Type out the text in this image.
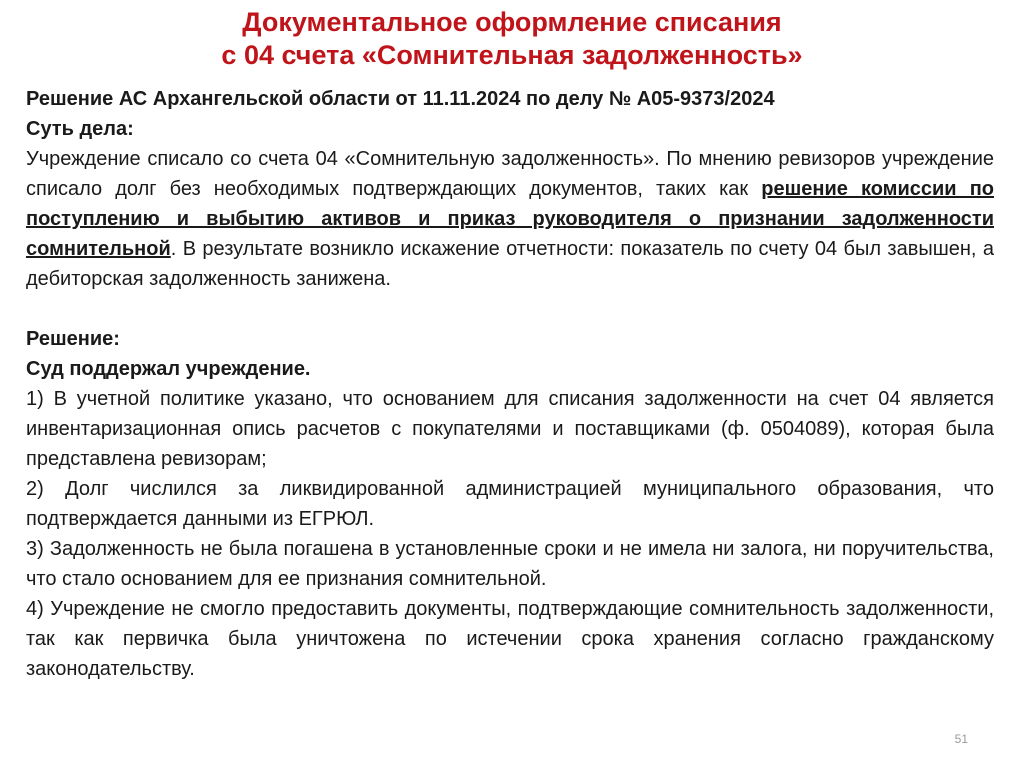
Документальное оформление списания
с 04 счета «Сомнительная задолженность»

Решение АС Архангельской области от 11.11.2024 по делу № А05-9373/2024

Суть дела:

Учреждение списало со счета 04 «Сомнительную задолженность». По мнению ревизоров учреждение списало долг без необходимых подтверждающих документов, таких как решение комиссии по поступлению и выбытию активов и приказ руководителя о признании задолженности сомнительной. В результате возникло искажение отчетности: показатель по счету 04 был завышен, а дебиторская задолженность занижена.

Решение:

Суд поддержал учреждение.

1) В учетной политике указано, что основанием для списания задолженности на счет 04 является инвентаризационная опись расчетов с покупателями и поставщиками (ф. 0504089), которая была представлена ревизорам;

2) Долг числился за ликвидированной администрацией муниципального образования, что подтверждается данными из ЕГРЮЛ.

3) Задолженность не была погашена в установленные сроки и не имела ни залога, ни поручительства, что стало основанием для ее признания сомнительной.

4) Учреждение не смогло предоставить документы, подтверждающие сомнительность задолженности, так как первичка была уничтожена по истечении срока хранения согласно гражданскому законодательству.

51
